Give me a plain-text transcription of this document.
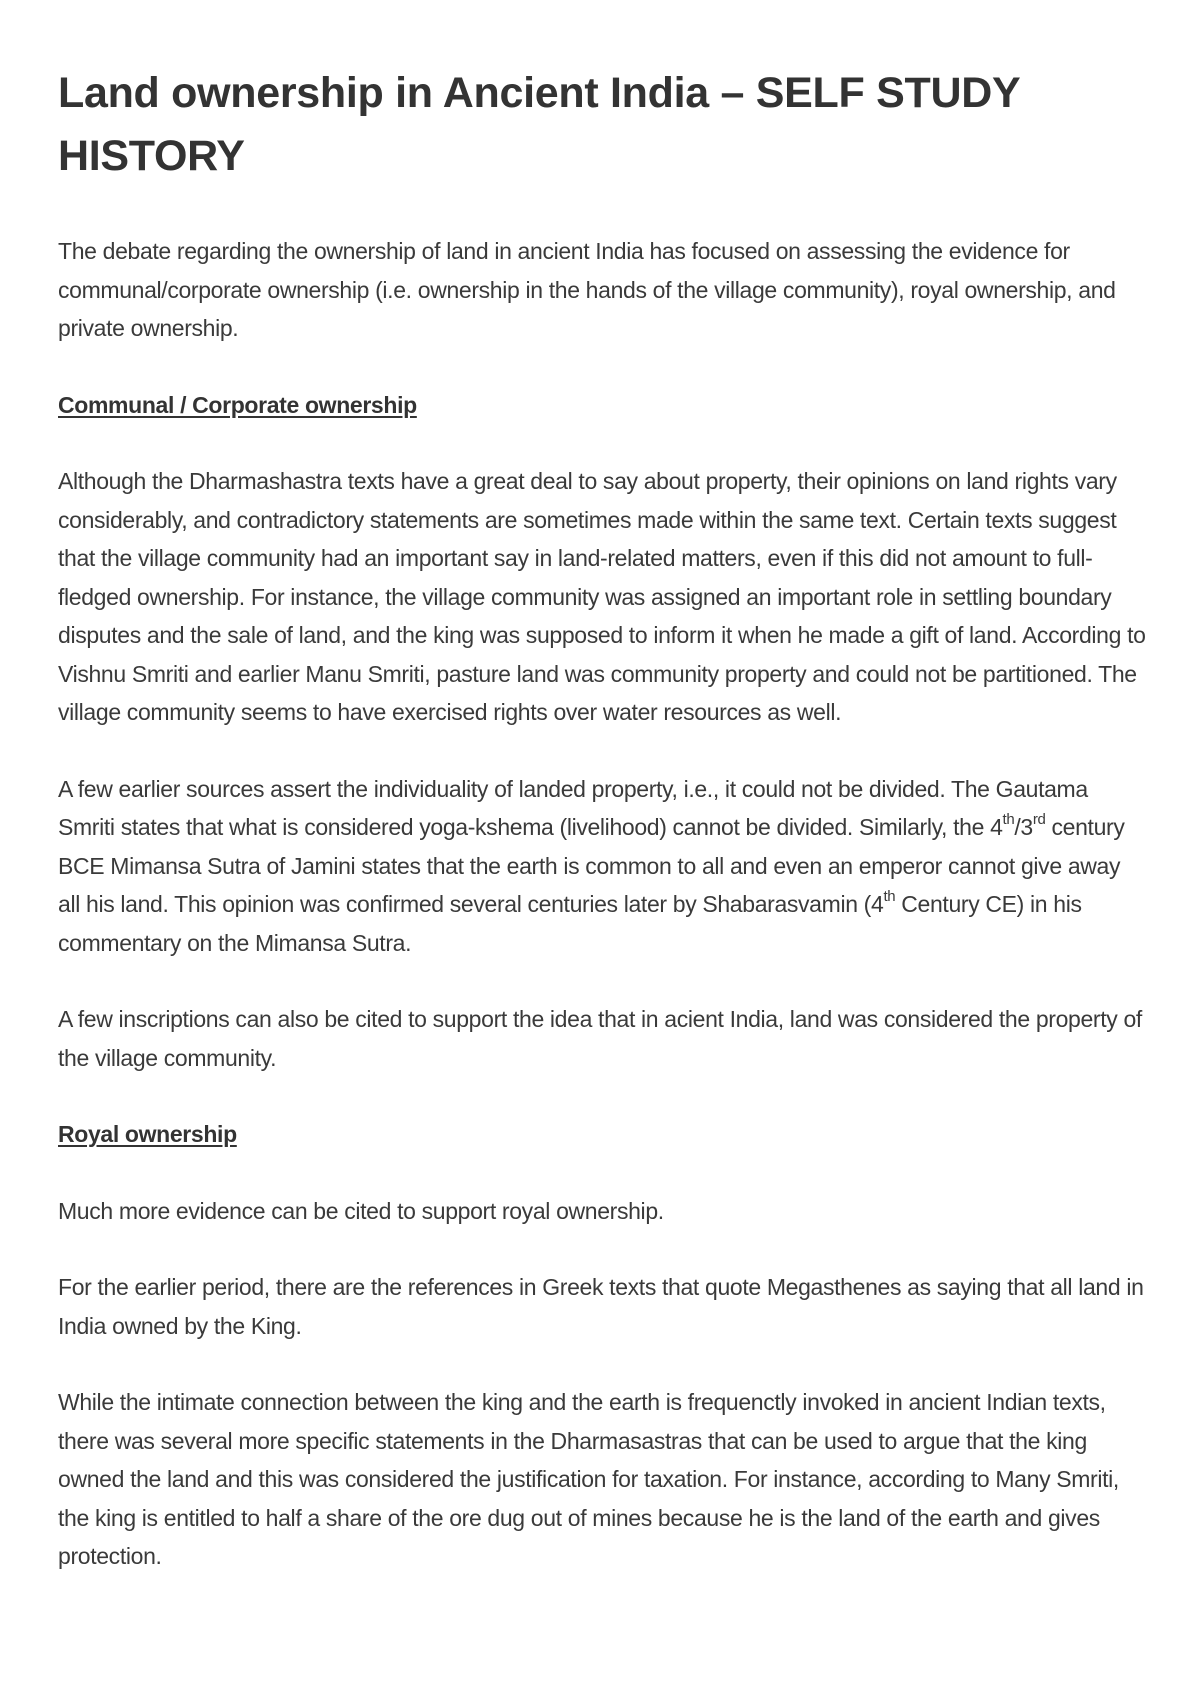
Land ownership in Ancient India – SELF STUDY HISTORY

The debate regarding the ownership of land in ancient India has focused on assessing the evidence for communal/corporate ownership (i.e. ownership in the hands of the village community), royal ownership, and private ownership.

Communal / Corporate ownership

Although the Dharmashastra texts have a great deal to say about property, their opinions on land rights vary considerably, and contradictory statements are sometimes made within the same text. Certain texts suggest that the village community had an important say in land-related matters, even if this did not amount to full-fledged ownership. For instance, the village community was assigned an important role in settling boundary disputes and the sale of land, and the king was supposed to inform it when he made a gift of land. According to Vishnu Smriti and earlier Manu Smriti, pasture land was community property and could not be partitioned. The village community seems to have exercised rights over water resources as well.

A few earlier sources assert the individuality of landed property, i.e., it could not be divided. The Gautama Smriti states that what is considered yoga-kshema (livelihood) cannot be divided. Similarly, the 4th/3rd century BCE Mimansa Sutra of Jamini states that the earth is common to all and even an emperor cannot give away all his land. This opinion was confirmed several centuries later by Shabarasvamin (4th Century CE) in his commentary on the Mimansa Sutra.

A few inscriptions can also be cited to support the idea that in acient India, land was considered the property of the village community.

Royal ownership

Much more evidence can be cited to support royal ownership.

For the earlier period, there are the references in Greek texts that quote Megasthenes as saying that all land in India owned by the King.

While the intimate connection between the king and the earth is frequenctly invoked in ancient Indian texts, there was several more specific statements in the Dharmasastras that can be used to argue that the king owned the land and this was considered the justification for taxation. For instance, according to Many Smriti, the king is entitled to half a share of the ore dug out of mines because he is the land of the earth and gives protection.
